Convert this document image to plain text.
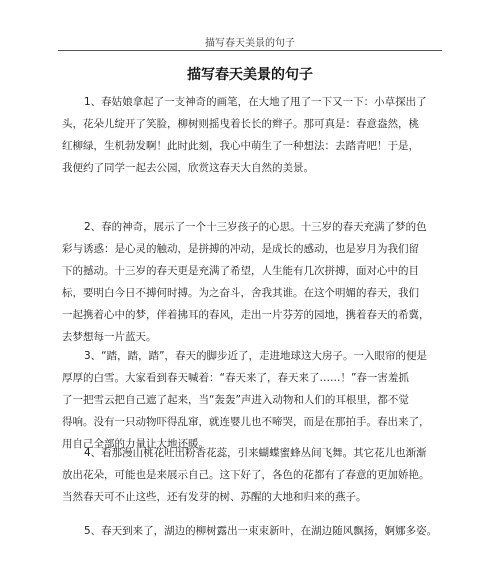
描写春天美景的句子
描写春天美景的句子
1、春姑娘拿起了一支神奇的画笔，在大地了甩了一下又一下：小草探出了
头，花朵儿绽开了笑脸，柳树则摇曳着长长的辫子。那可真是：春意盎然，桃
红柳绿，生机勃发啊！此时此刻，我心中萌生了一种想法：去踏青吧！于是，
我便约了同学一起去公园，欣赏这春天大自然的美景。
2、春的神奇，展示了一个十三岁孩子的心思。十三岁的春天充满了梦的色
彩与诱惑：是心灵的触动，是拼搏的冲动，是成长的感动，也是岁月为我们留
下的撼动。十三岁的春天更是充满了希望，人生能有几次拼搏，面对心中的目
标，要明白今日不搏何时搏。为之奋斗，舍我其谁。在这个明媚的春天，我们
一起携着心中的梦，伴着拂耳的春风，走出一片芬芳的园地，携着春天的希冀，
去梦想每一片蓝天。
3、“踏，踏，踏”，春天的脚步近了，走进地球这大房子。一入眼帘的便是
厚厚的白雪。大家看到春天喊着：“春天来了，春天来了……！”春一害羞抓
了一把雪云把自己遮了起来，当“轰轰”声进入动物和人们的耳根里，都不觉
得响。没有一只动物吓得乱窜，就连婴儿也不啼哭，而是在那拍手。春出来了，
用自己全部的力量让大地还暖。
4、看那漫山桃花吐出粉香花蕊，引来蝴蝶蜜蜂丛间飞舞。其它花儿也渐渐
放出花朵，可能也是来展示自己。这下好了，各色的花都有了春意的更加娇艳。
当然春天可不止这些，还有发芽的树、苏醒的大地和归来的燕子。
5、春天到来了，湖边的柳树露出一束束新叶，在湖边随风飘扬，婀娜多姿。
